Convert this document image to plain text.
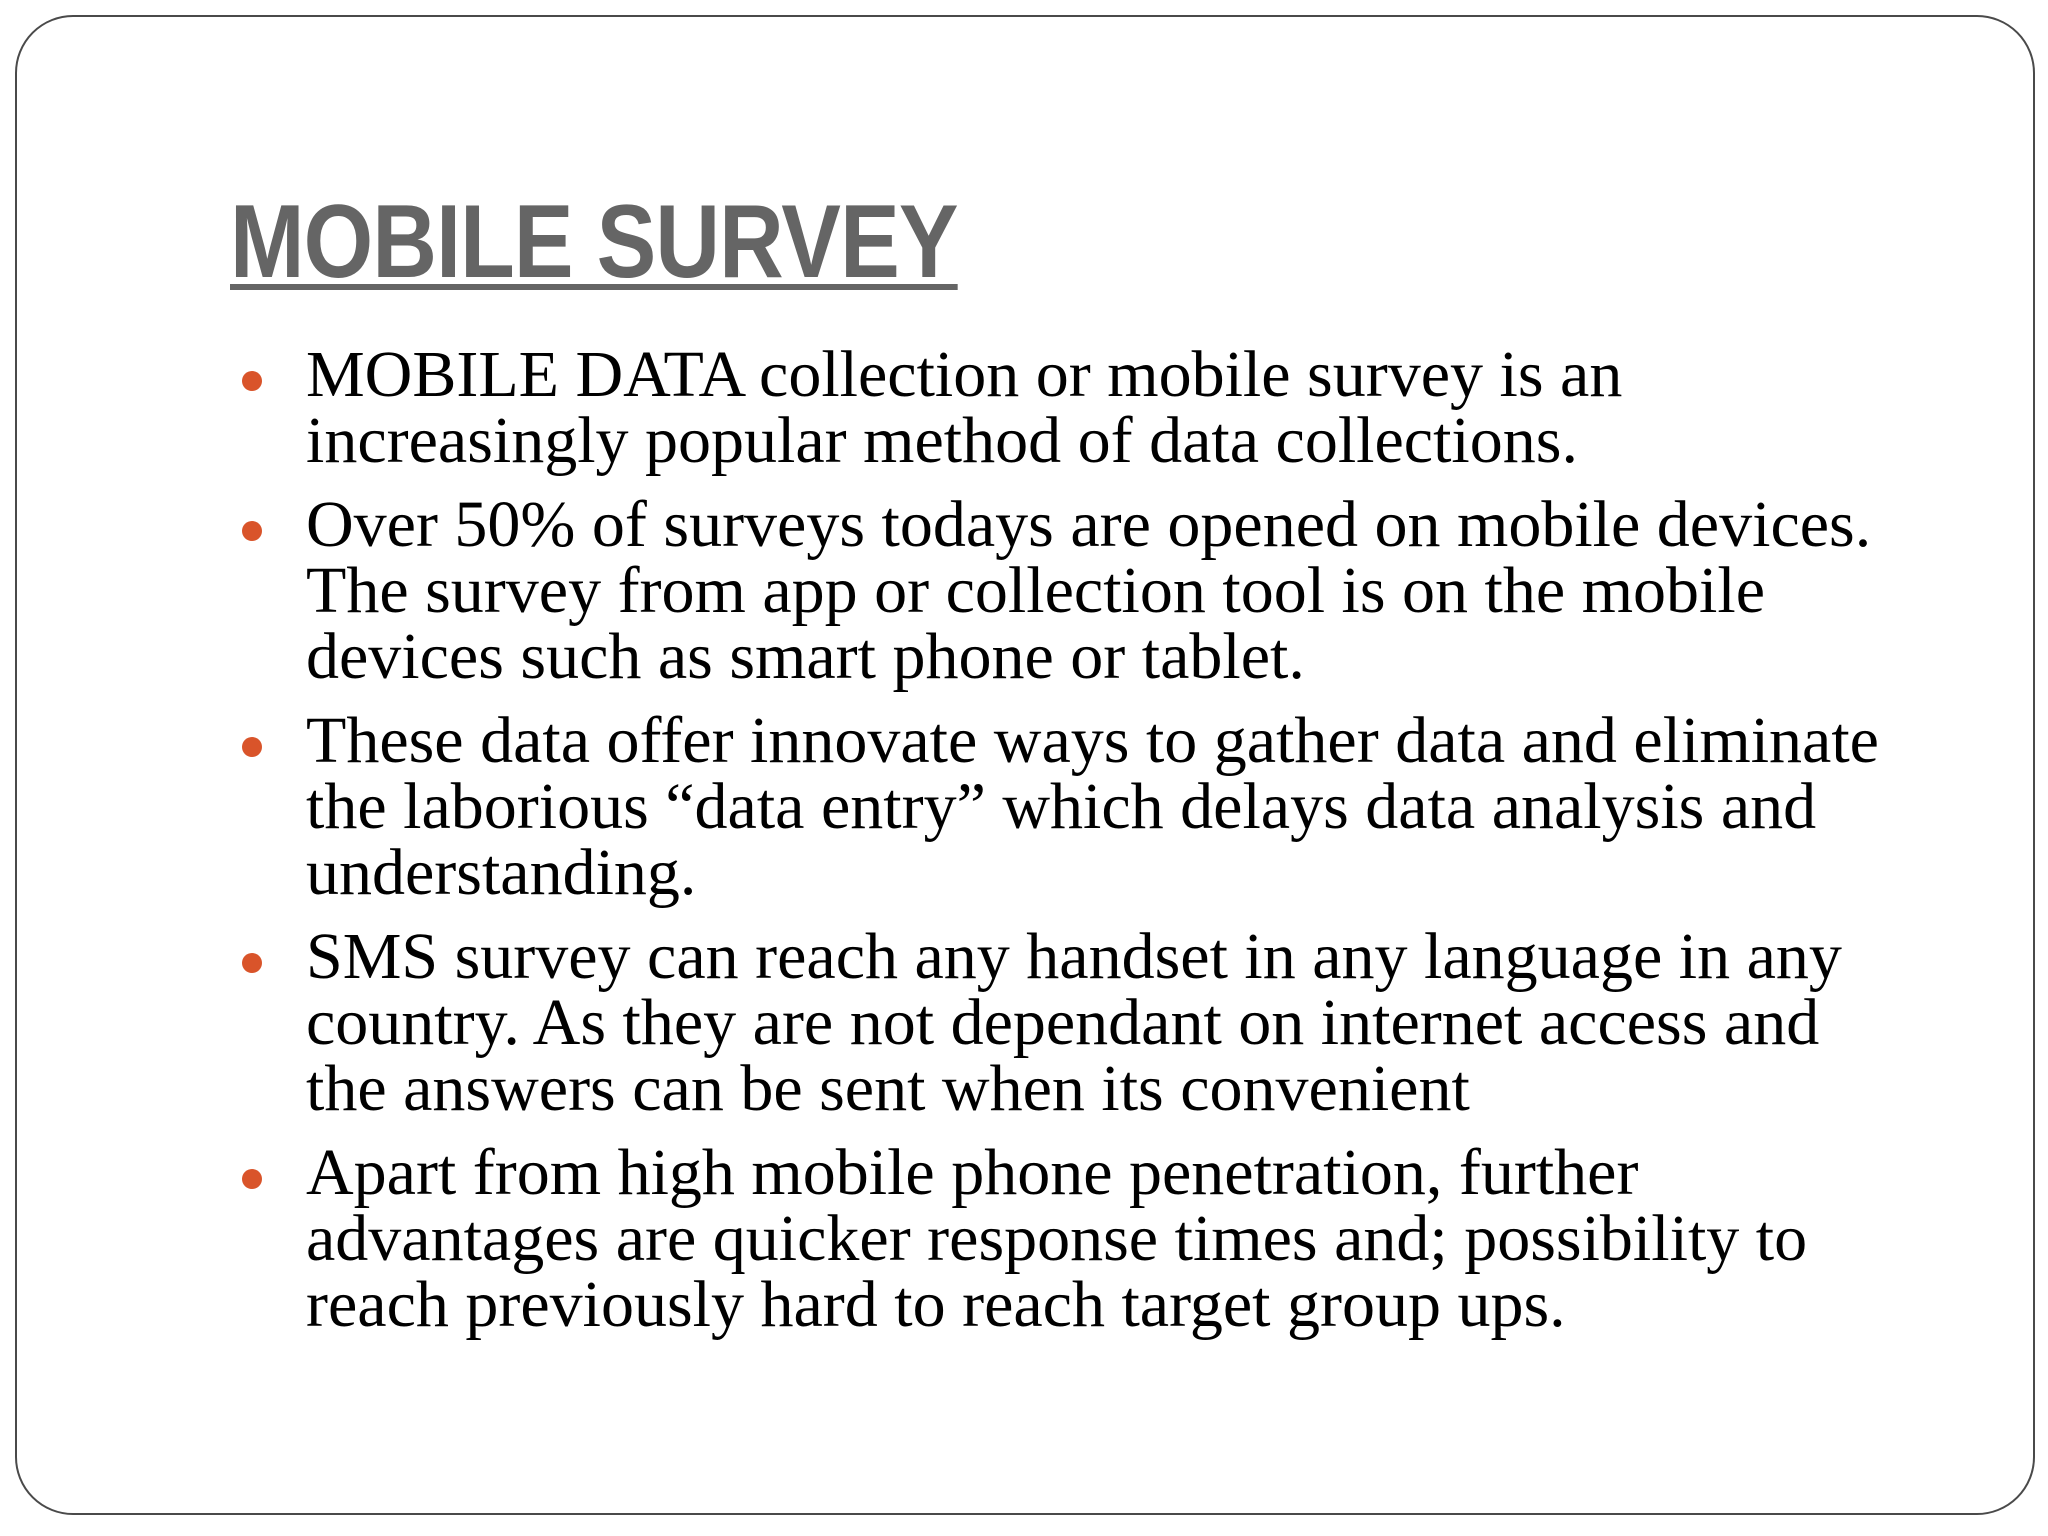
MOBILE SURVEY
MOBILE DATA collection or mobile survey is an
increasingly popular method of data collections.
Over 50% of surveys todays are opened on mobile devices.
The survey from app or collection tool is on the mobile
devices such as smart phone or tablet.
These data offer innovate ways to gather data and eliminate
the laborious “data entry” which delays data analysis and
understanding.
SMS survey can reach any handset in any language in any
country. As they are not dependant on internet access and
the answers can be sent when its convenient
Apart from high mobile phone penetration, further
advantages are quicker response times and; possibility to
reach previously hard to reach target group ups.
